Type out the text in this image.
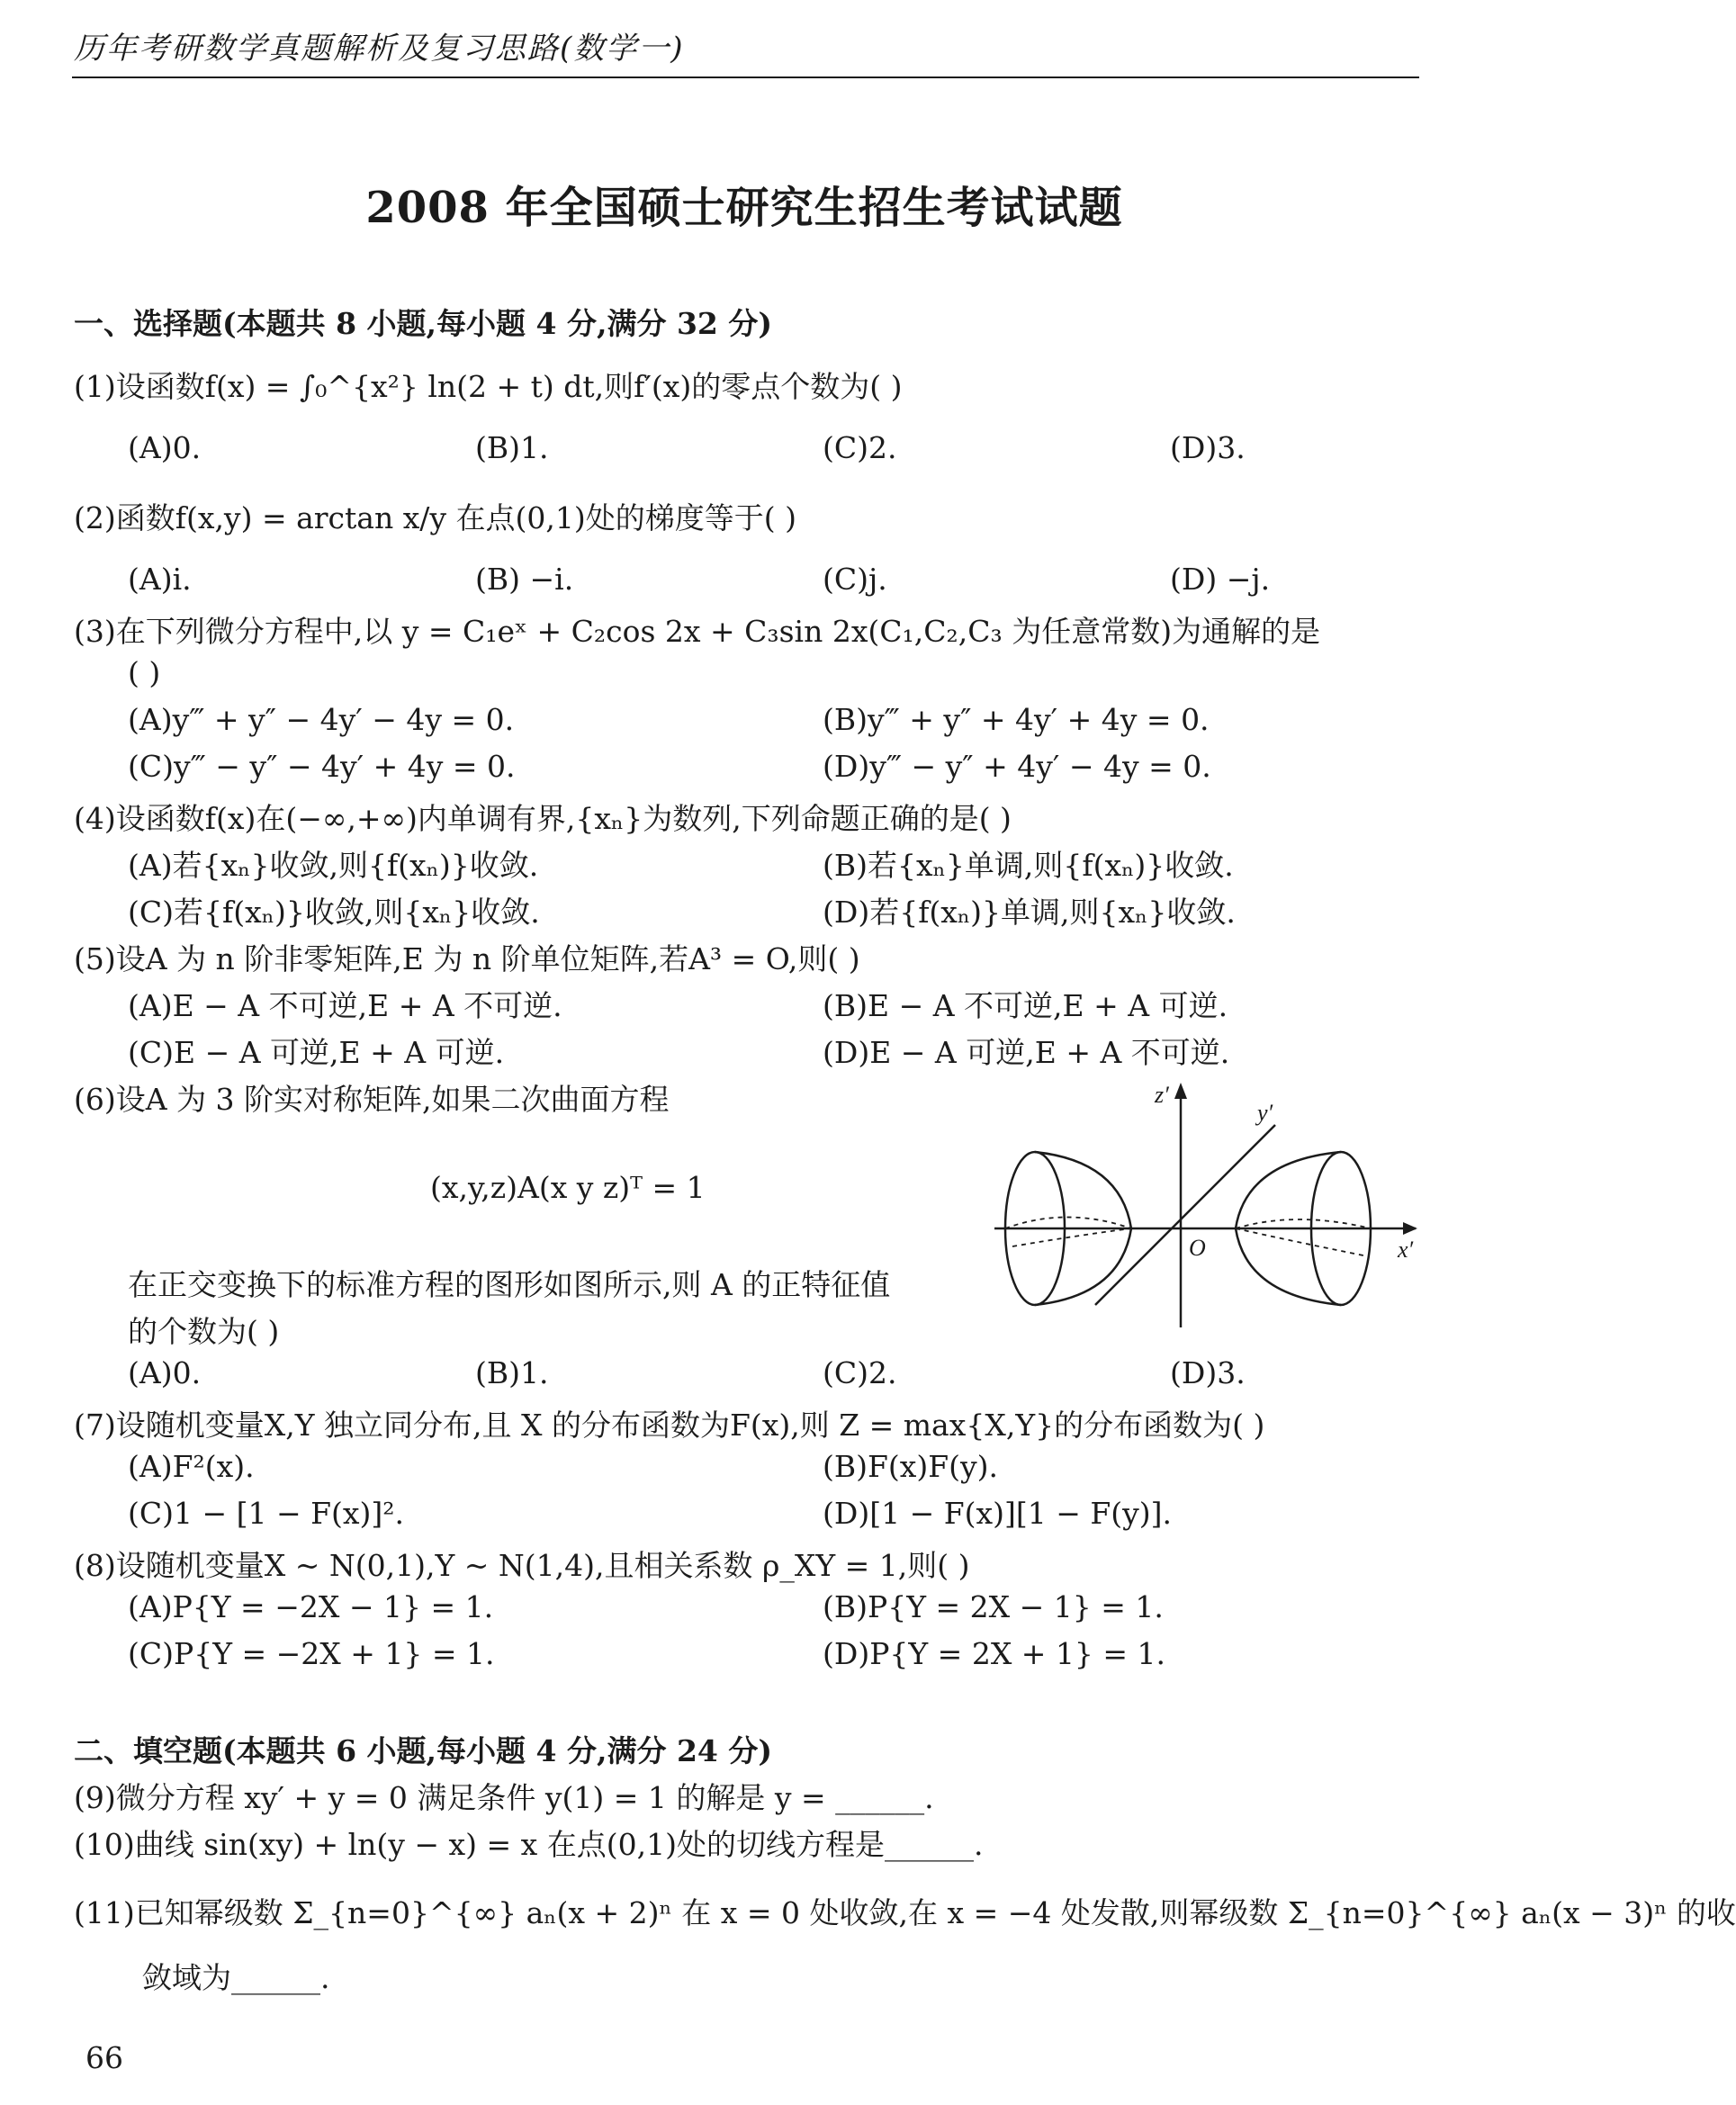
历年考研数学真题解析及复习思路(数学一)
2008 年全国硕士研究生招生考试试题
一、选择题(本题共 8 小题,每小题 4 分,满分 32 分)
(1)设函数f(x) = ∫₀^{x²} ln(2 + t) dt,则f′(x)的零点个数为( )
(A)0.	(B)1.	(C)2.	(D)3.
(2)函数f(x,y) = arctan x/y 在点(0,1)处的梯度等于( )
(A)i.	(B) −i.	(C)j.	(D) −j.
(3)在下列微分方程中,以 y = C₁eˣ + C₂cos 2x + C₃sin 2x(C₁,C₂,C₃ 为任意常数)为通解的是
( )
(A)y‴ + y″ − 4y′ − 4y = 0.	(B)y‴ + y″ + 4y′ + 4y = 0.
(C)y‴ − y″ − 4y′ + 4y = 0.	(D)y‴ − y″ + 4y′ − 4y = 0.
(4)设函数f(x)在(−∞,+∞)内单调有界,{xₙ}为数列,下列命题正确的是( )
(A)若{xₙ}收敛,则{f(xₙ)}收敛.	(B)若{xₙ}单调,则{f(xₙ)}收敛.
(C)若{f(xₙ)}收敛,则{xₙ}收敛.	(D)若{f(xₙ)}单调,则{xₙ}收敛.
(5)设A 为 n 阶非零矩阵,E 为 n 阶单位矩阵,若A³ = O,则( )
(A)E − A 不可逆,E + A 不可逆.	(B)E − A 不可逆,E + A 可逆.
(C)E − A 可逆,E + A 可逆.	(D)E − A 可逆,E + A 不可逆.
(6)设A 为 3 阶实对称矩阵,如果二次曲面方程
(x,y,z)A(x y z)ᵀ = 1
在正交变换下的标准方程的图形如图所示,则 A 的正特征值
的个数为( )
z′
y′
x′
O
(A)0.	(B)1.	(C)2.	(D)3.
(7)设随机变量X,Y 独立同分布,且 X 的分布函数为F(x),则 Z = max{X,Y}的分布函数为( )
(A)F²(x).	(B)F(x)F(y).
(C)1 − [1 − F(x)]².	(D)[1 − F(x)][1 − F(y)].
(8)设随机变量X ~ N(0,1),Y ~ N(1,4),且相关系数 ρ_XY = 1,则( )
(A)P{Y = −2X − 1} = 1.	(B)P{Y = 2X − 1} = 1.
(C)P{Y = −2X + 1} = 1.	(D)P{Y = 2X + 1} = 1.
二、填空题(本题共 6 小题,每小题 4 分,满分 24 分)
(9)微分方程 xy′ + y = 0 满足条件 y(1) = 1 的解是 y = ______.
(10)曲线 sin(xy) + ln(y − x) = x 在点(0,1)处的切线方程是______.
(11)已知幂级数 Σ_{n=0}^{∞} aₙ(x + 2)ⁿ 在 x = 0 处收敛,在 x = −4 处发散,则幂级数 Σ_{n=0}^{∞} aₙ(x − 3)ⁿ 的收
敛域为______.
66
